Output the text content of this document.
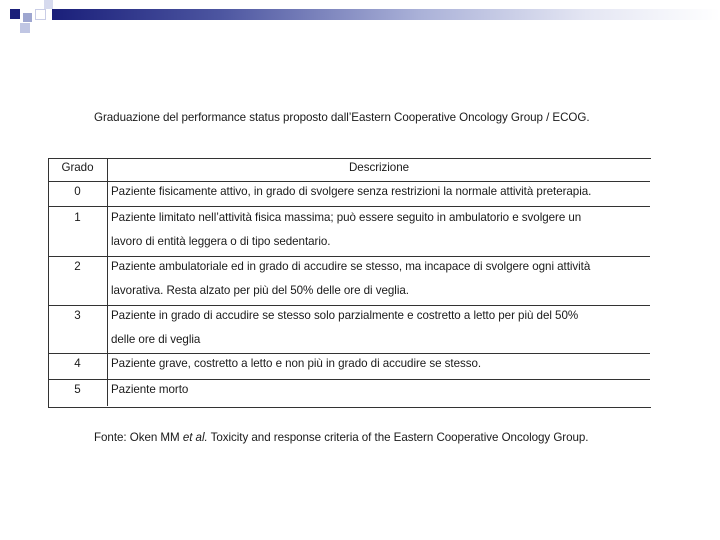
Graduazione del performance status proposto dall’Eastern Cooperative Oncology Group / ECOG.
Grado	Descrizione
0	Paziente fisicamente attivo, in grado di svolgere senza restrizioni la normale attività preterapia.
1	Paziente limitato nell’attività fisica massima; può essere seguito in ambulatorio e svolgere un
lavoro di entità leggera o di tipo sedentario.
2	Paziente ambulatoriale ed in grado di accudire se stesso, ma incapace di svolgere ogni attività
lavorativa. Resta alzato per più del 50% delle ore di veglia.
3	Paziente in grado di accudire se stesso solo parzialmente e costretto a letto per più del 50%
delle ore di veglia
4	Paziente grave, costretto a letto e non più in grado di accudire se stesso.
5	Paziente morto
Fonte: Oken MM et al. Toxicity and response criteria of the Eastern Cooperative Oncology Group.
